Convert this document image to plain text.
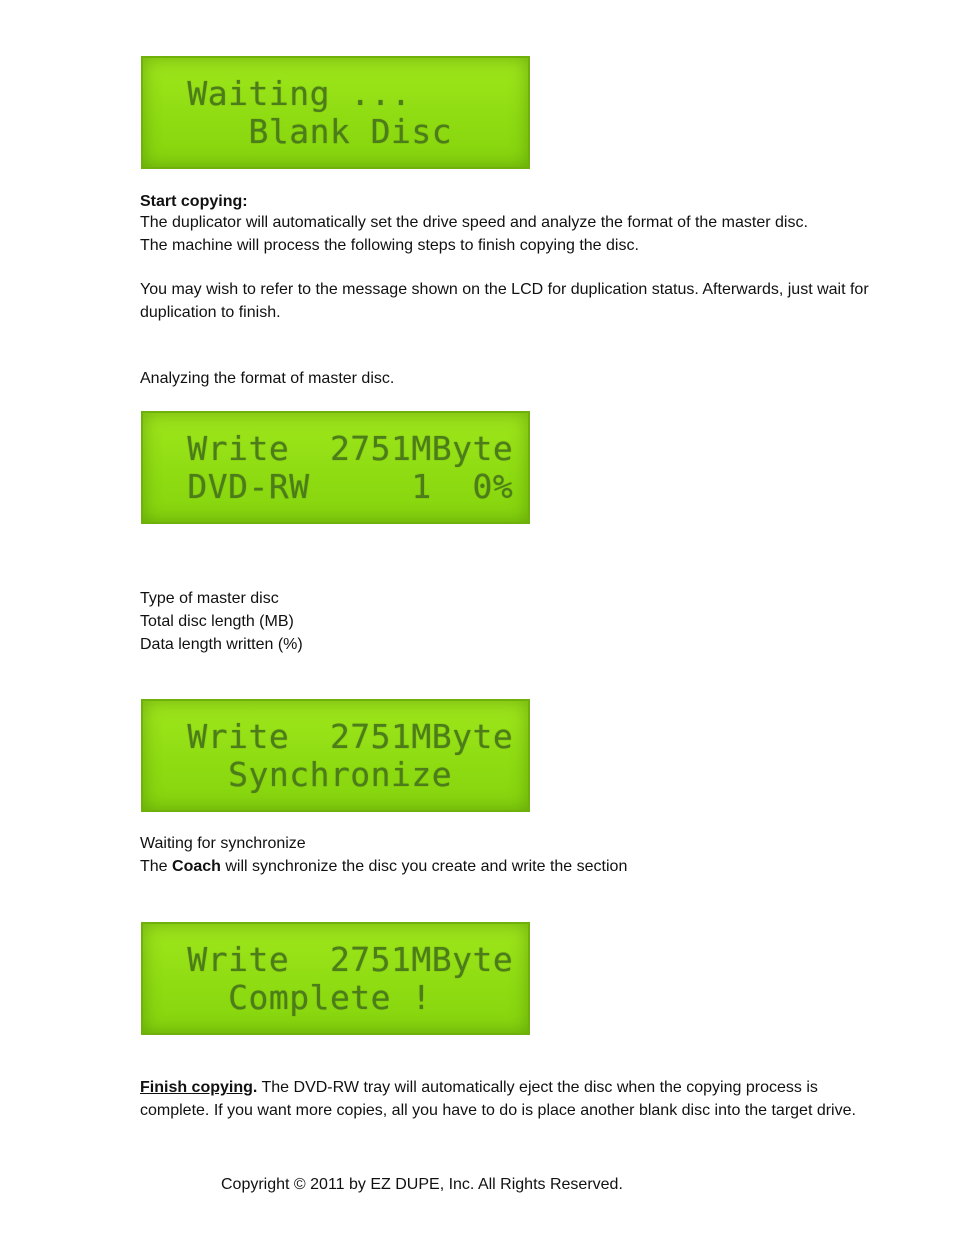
Waiting ...
Blank Disc

Start copying:

The duplicator will automatically set the drive speed and analyze the format of the master disc.

The machine will process the following steps to finish copying the disc.

You may wish to refer to the message shown on the LCD for duplication status. Afterwards, just wait for duplication to finish.

Analyzing the format of master disc.

Write  2751MByte
DVD-RW     1  0%

Type of master disc

Total disc length (MB)

Data length written (%)

Write  2751MByte
Synchronize

Waiting for synchronize

The Coach will synchronize the disc you create and write the section

Write  2751MByte
Complete !

Finish copying. The DVD-RW tray will automatically eject the disc when the copying process is complete. If you want more copies, all you have to do is place another blank disc into the target drive.

Copyright © 2011 by EZ DUPE, Inc. All Rights Reserved.
